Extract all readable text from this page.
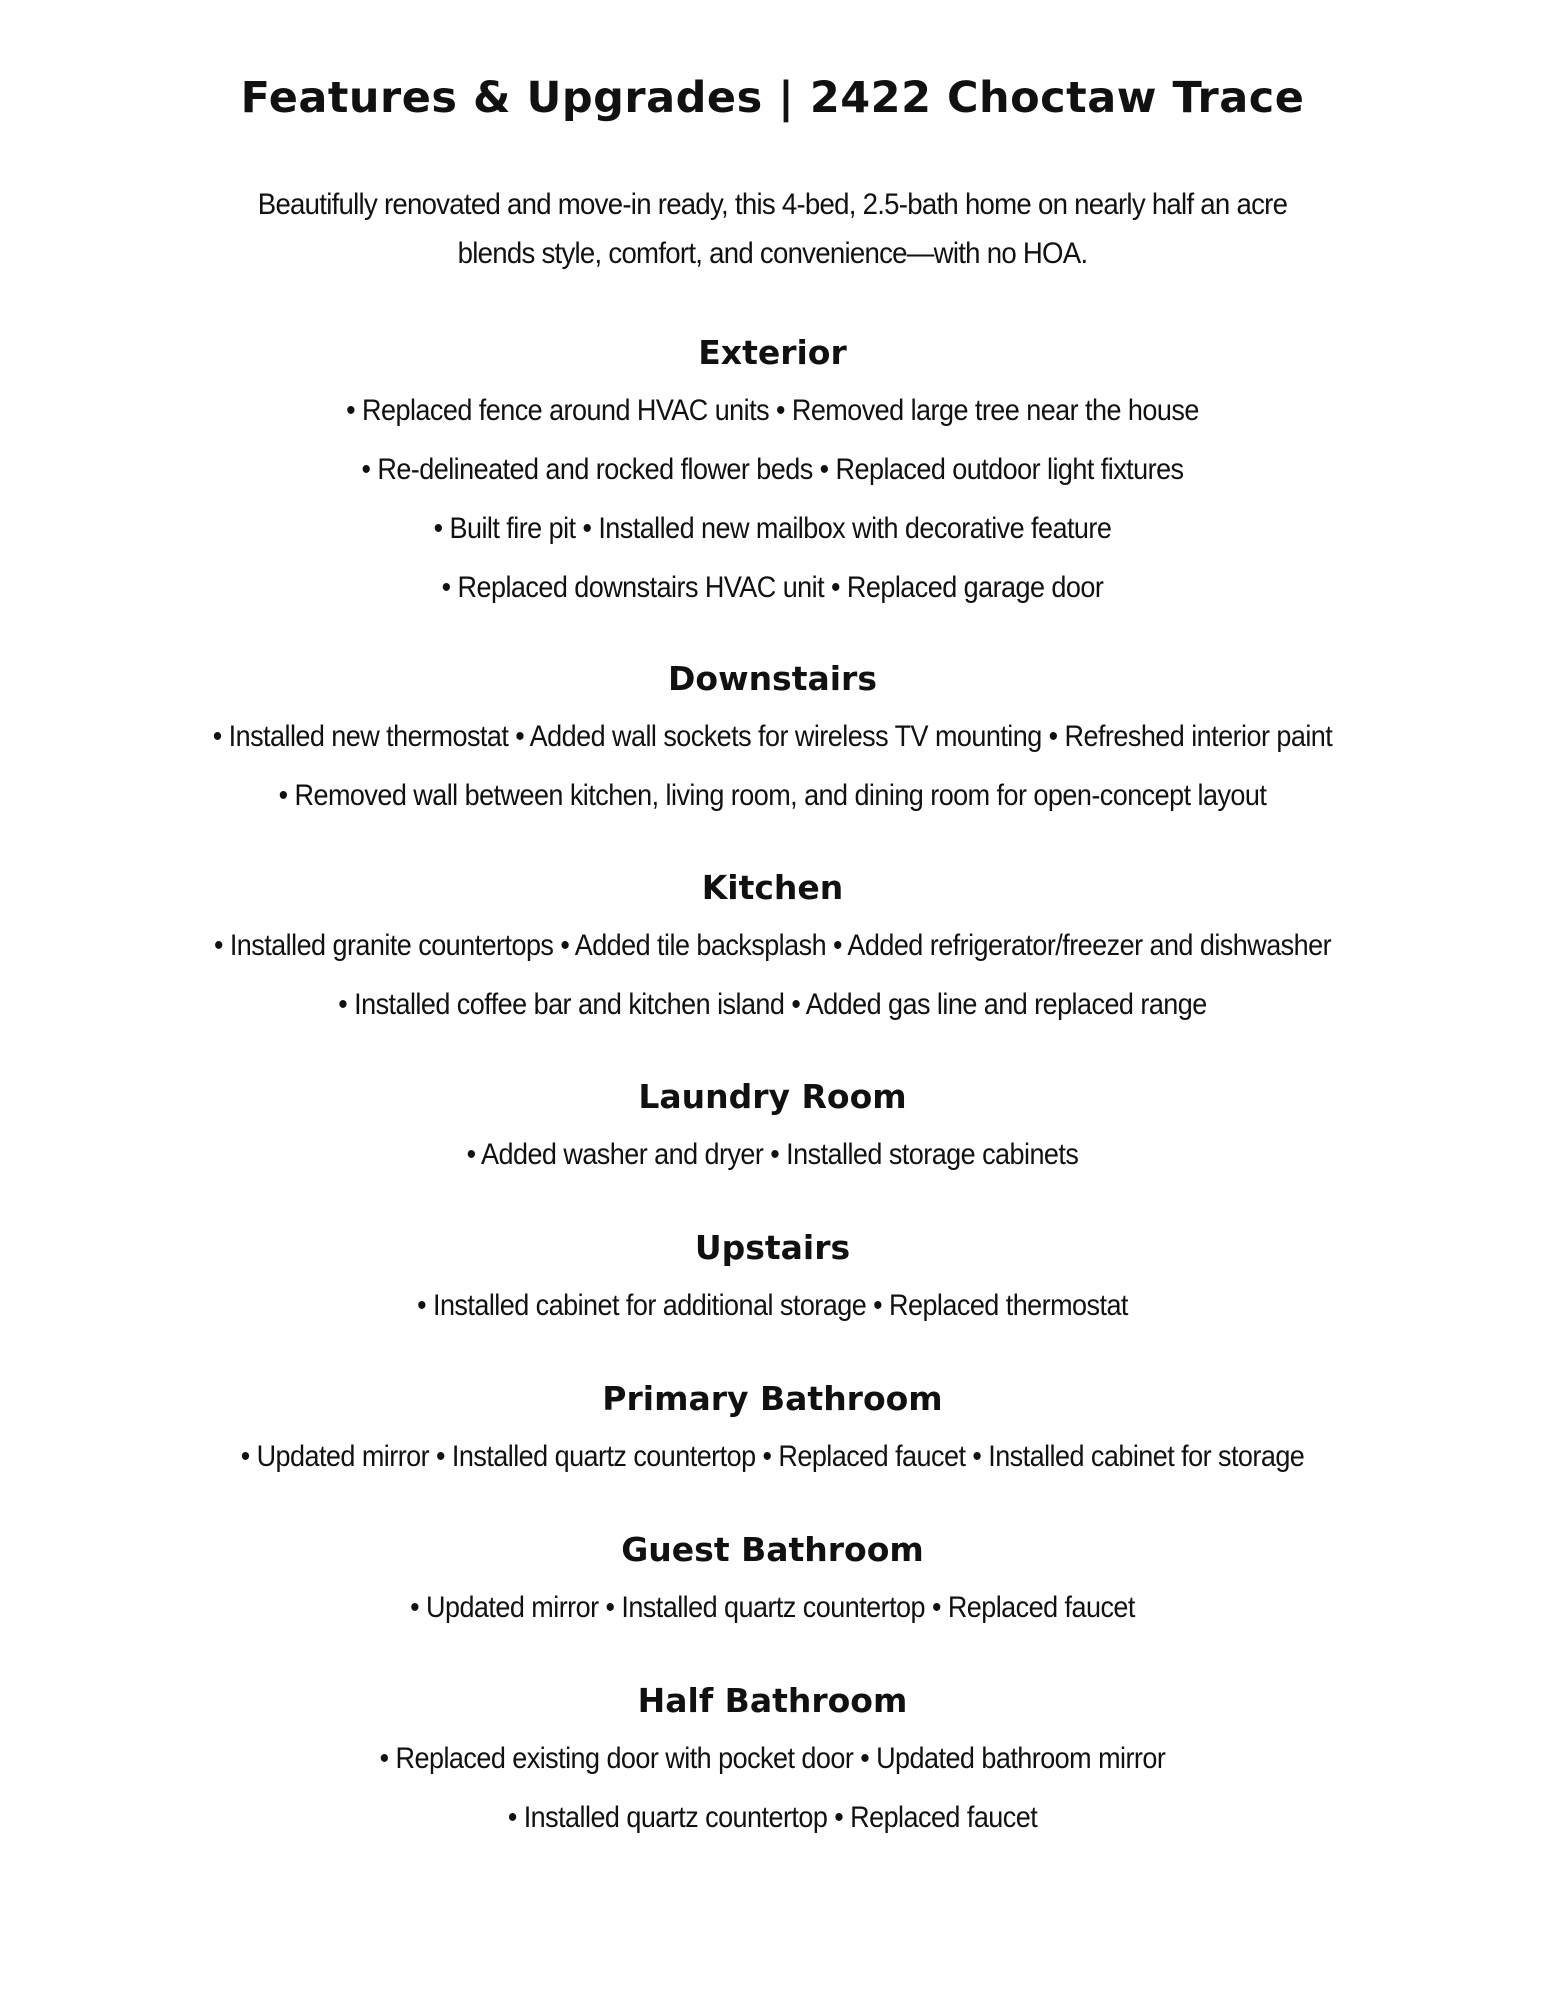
Features & Upgrades | 2422 Choctaw Trace
Beautifully renovated and move-in ready, this 4-bed, 2.5-bath home on nearly half an acre
blends style, comfort, and convenience—with no HOA.
Exterior
• Replaced fence around HVAC units • Removed large tree near the house
• Re-delineated and rocked flower beds • Replaced outdoor light fixtures
• Built fire pit • Installed new mailbox with decorative feature
• Replaced downstairs HVAC unit • Replaced garage door
Downstairs
• Installed new thermostat • Added wall sockets for wireless TV mounting • Refreshed interior paint
• Removed wall between kitchen, living room, and dining room for open-concept layout
Kitchen
• Installed granite countertops • Added tile backsplash • Added refrigerator/freezer and dishwasher
• Installed coffee bar and kitchen island • Added gas line and replaced range
Laundry Room
• Added washer and dryer • Installed storage cabinets
Upstairs
• Installed cabinet for additional storage • Replaced thermostat
Primary Bathroom
• Updated mirror • Installed quartz countertop • Replaced faucet • Installed cabinet for storage
Guest Bathroom
• Updated mirror • Installed quartz countertop • Replaced faucet
Half Bathroom
• Replaced existing door with pocket door • Updated bathroom mirror
• Installed quartz countertop • Replaced faucet
